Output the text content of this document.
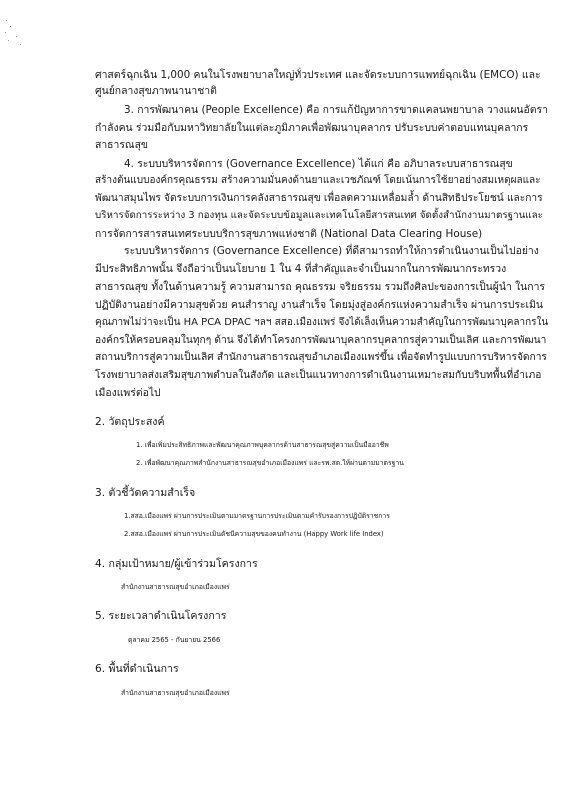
ศาสตร์ฉุกเฉิน 1,000 คนในโรงพยาบาลใหญ่ทั่วประเทศ และจัดระบบการแพทย์ฉุกเฉิน (EMCO) และ
ศูนย์กลางสุขภาพนานาชาติ
3. การพัฒนาคน (People Excellence) คือ การแก้ปัญหาการขาดแคลนพยาบาล วางแผนอัตรา
กำลังคน ร่วมมือกับมหาวิทยาลัยในแต่ละภูมิภาคเพื่อพัฒนาบุคลากร ปรับระบบค่าตอบแทนบุคลากร
สาธารณสุข
4. ระบบบริหารจัดการ (Governance Excellence) ได้แก่ คือ อภิบาลระบบสาธารณสุข
สร้างต้นแบบองค์กรคุณธรรม สร้างความมั่นคงด้านยาและเวชภัณฑ์ โดยเน้นการใช้ยาอย่างสมเหตุผลและ
พัฒนาสมุนไพร จัดระบบการเงินการคลังสาธารณสุข เพื่อลดความเหลื่อมล้ำ ด้านสิทธิประโยชน์ และการ
บริหารจัดการระหว่าง 3 กองทุน และจัดระบบข้อมูลและเทคโนโลยีสารสนเทศ จัดตั้งสำนักงานมาตรฐานและ
การจัดการสารสนเทศระบบบริการสุขภาพแห่งชาติ (National Data Clearing House)
ระบบบริหารจัดการ (Governance Excellence) ที่ดีสามารถทำให้การดำเนินงานเป็นไปอย่าง
มีประสิทธิภาพนั้น จึงถือว่าเป็นนโยบาย 1 ใน 4 ที่สำคัญและจำเป็นมากในการพัฒนากระทรวง
สาธารณสุข ทั้งในด้านความรู้ ความสามารถ คุณธรรม จริยธรรม รวมถึงศิลปะของการเป็นผู้นำ ในการ
ปฏิบัติงานอย่างมีความสุขด้วย คนสำราญ งานสำเร็จ โดยมุ่งสู่องค์กรแห่งความสำเร็จ ผ่านการประเมิน
คุณภาพไม่ว่าจะเป็น HA PCA DPAC ฯลฯ สสอ.เมืองแพร่ จึงได้เล็งเห็นความสำคัญในการพัฒนาบุคลากรใน
องค์กรให้ครอบคลุมในทุกๆ ด้าน จึงได้ทำโครงการพัฒนาบุคลากรบุคลากรสู่ความเป็นเลิศ และการพัฒนา
สถานบริการสู่ความเป็นเลิศ สำนักงานสาธารณสุขอำเภอเมืองแพร่ขึ้น เพื่อจัดทำรูปแบบการบริหารจัดการ
โรงพยาบาลส่งเสริมสุขภาพตำบลในสังกัด และเป็นแนวทางการดำเนินงานเหมาะสมกับบริบทพื้นที่อำเภอ
เมืองแพร่ต่อไป
2. วัตถุประสงค์
1. เพื่อเพิ่มประสิทธิภาพและพัฒนาคุณภาพบุคลากรด้านสาธารณสุขสู่ความเป็นมืออาชีพ
2. เพื่อพัฒนาคุณภาพสำนักงานสาธารณสุขอำเภอเมืองแพร่ และรพ.สต.ให้ผ่านตามมาตรฐาน
3. ตัวชี้วัดความสำเร็จ
1.สสอ.เมืองแพร่ ผ่านการประเมินตามมาตรฐานการประเมินตามคำรับรองการปฏิบัติราชการ
2.สสอ.เมืองแพร่ ผ่านการประเมินดัชนีความสุขของคนทำงาน (Happy Work life Index)
4. กลุ่มเป้าหมาย/ผู้เข้าร่วมโครงการ
สำนักงานสาธารณสุขอำเภอเมืองแพร่
5. ระยะเวลาดำเนินโครงการ
ตุลาคม 2565 - กันยายน 2566
6. พื้นที่ดำเนินการ
สำนักงานสาธารณสุขอำเภอเมืองแพร่
